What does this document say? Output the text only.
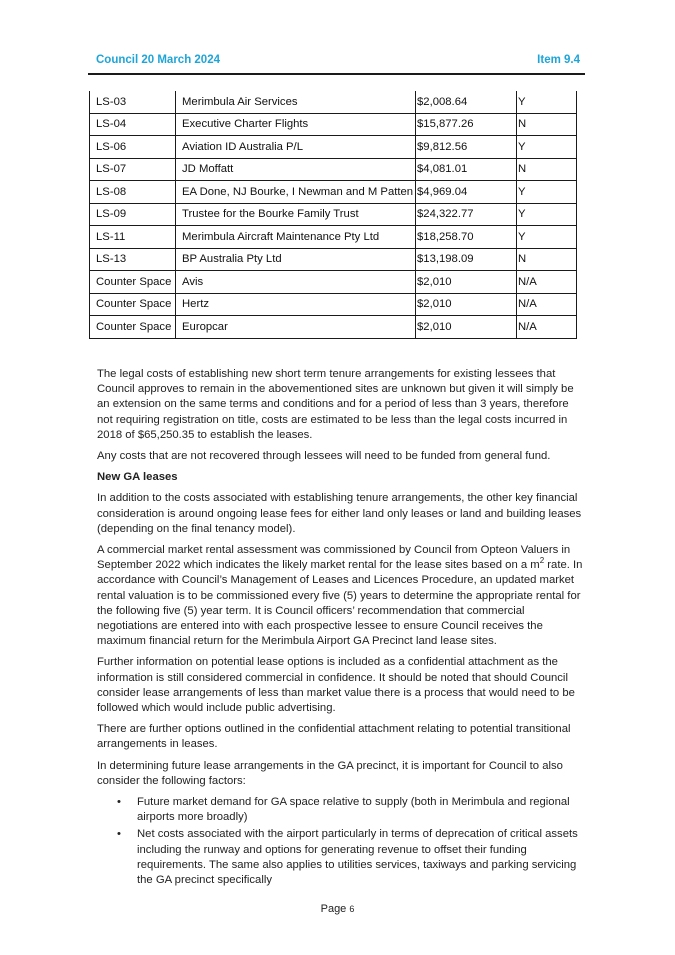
Council 20 March 2024	Item 9.4
LS-03	Merimbula Air Services	$2,008.64	Y
LS-04	Executive Charter Flights	$15,877.26	N
LS-06	Aviation ID Australia P/L	$9,812.56	Y
LS-07	JD Moffatt	$4,081.01	N
LS-08	EA Done, NJ Bourke, I Newman and M Patten	$4,969.04	Y
LS-09	Trustee for the Bourke Family Trust	$24,322.77	Y
LS-11	Merimbula Aircraft Maintenance Pty Ltd	$18,258.70	Y
LS-13	BP Australia Pty Ltd	$13,198.09	N
Counter Space	Avis	$2,010	N/A
Counter Space	Hertz	$2,010	N/A
Counter Space	Europcar	$2,010	N/A

The legal costs of establishing new short term tenure arrangements for existing lessees that Council approves to remain in the abovementioned sites are unknown but given it will simply be an extension on the same terms and conditions and for a period of less than 3 years, therefore not requiring registration on title, costs are estimated to be less than the legal costs incurred in 2018 of $65,250.35 to establish the leases.

Any costs that are not recovered through lessees will need to be funded from general fund.

New GA leases

In addition to the costs associated with establishing tenure arrangements, the other key financial consideration is around ongoing lease fees for either land only leases or land and building leases (depending on the final tenancy model).

A commercial market rental assessment was commissioned by Council from Opteon Valuers in September 2022 which indicates the likely market rental for the lease sites based on a $m^2$ rate. In accordance with Council’s Management of Leases and Licences Procedure, an updated market rental valuation is to be commissioned every five (5) years to determine the appropriate rental for the following five (5) year term. It is Council officers’ recommendation that commercial negotiations are entered into with each prospective lessee to ensure Council receives the maximum financial return for the Merimbula Airport GA Precinct land lease sites.

Further information on potential lease options is included as a confidential attachment as the information is still considered commercial in confidence. It should be noted that should Council consider lease arrangements of less than market value there is a process that would need to be followed which would include public advertising.

There are further options outlined in the confidential attachment relating to potential transitional arrangements in leases.

In determining future lease arrangements in the GA precinct, it is important for Council to also consider the following factors:

• Future market demand for GA space relative to supply (both in Merimbula and regional airports more broadly)
• Net costs associated with the airport particularly in terms of deprecation of critical assets including the runway and options for generating revenue to offset their funding requirements. The same also applies to utilities services, taxiways and parking servicing the GA precinct specifically
Page 6
